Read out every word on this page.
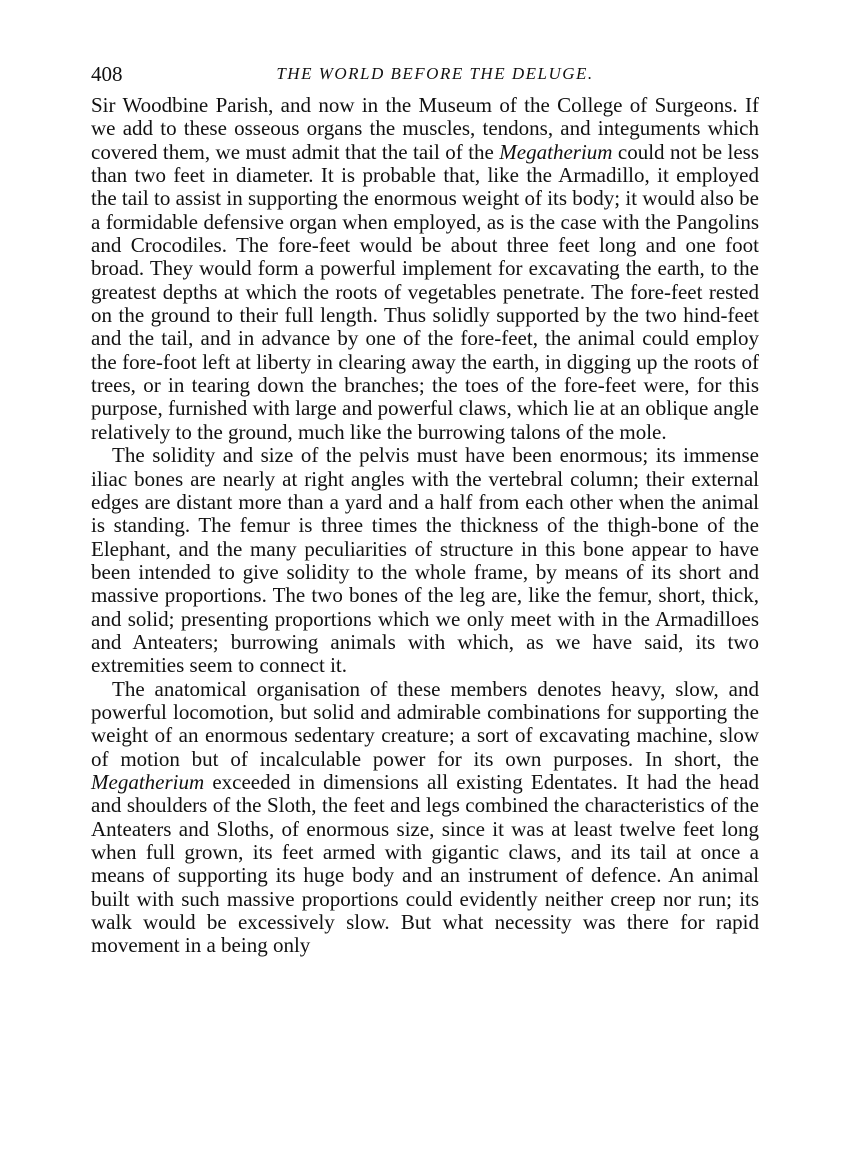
408	THE WORLD BEFORE THE DELUGE.

Sir Woodbine Parish, and now in the Museum of the College of Surgeons. If we add to these osseous organs the muscles, tendons, and integuments which covered them, we must admit that the tail of the Megatherium could not be less than two feet in diameter. It is probable that, like the Armadillo, it employed the tail to assist in supporting the enormous weight of its body; it would also be a formidable defensive organ when employed, as is the case with the Pangolins and Crocodiles. The fore-feet would be about three feet long and one foot broad. They would form a powerful implement for excavating the earth, to the greatest depths at which the roots of vegetables penetrate. The fore-feet rested on the ground to their full length. Thus solidly supported by the two hind-feet and the tail, and in advance by one of the fore-feet, the animal could employ the fore-foot left at liberty in clearing away the earth, in digging up the roots of trees, or in tearing down the branches; the toes of the fore-feet were, for this purpose, furnished with large and powerful claws, which lie at an oblique angle relatively to the ground, much like the burrowing talons of the mole.

The solidity and size of the pelvis must have been enormous; its immense iliac bones are nearly at right angles with the vertebral column; their external edges are distant more than a yard and a half from each other when the animal is standing. The femur is three times the thickness of the thigh-bone of the Elephant, and the many peculiarities of structure in this bone appear to have been intended to give solidity to the whole frame, by means of its short and massive proportions. The two bones of the leg are, like the femur, short, thick, and solid; presenting proportions which we only meet with in the Armadilloes and Anteaters; burrowing animals with which, as we have said, its two extremities seem to connect it.

The anatomical organisation of these members denotes heavy, slow, and powerful locomotion, but solid and admirable combinations for supporting the weight of an enormous sedentary creature; a sort of excavating machine, slow of motion but of incalculable power for its own purposes. In short, the Megatherium exceeded in dimensions all existing Edentates. It had the head and shoulders of the Sloth, the feet and legs combined the characteristics of the Anteaters and Sloths, of enormous size, since it was at least twelve feet long when full grown, its feet armed with gigantic claws, and its tail at once a means of supporting its huge body and an instrument of defence. An animal built with such massive proportions could evidently neither creep nor run; its walk would be excessively slow. But what necessity was there for rapid movement in a being only
